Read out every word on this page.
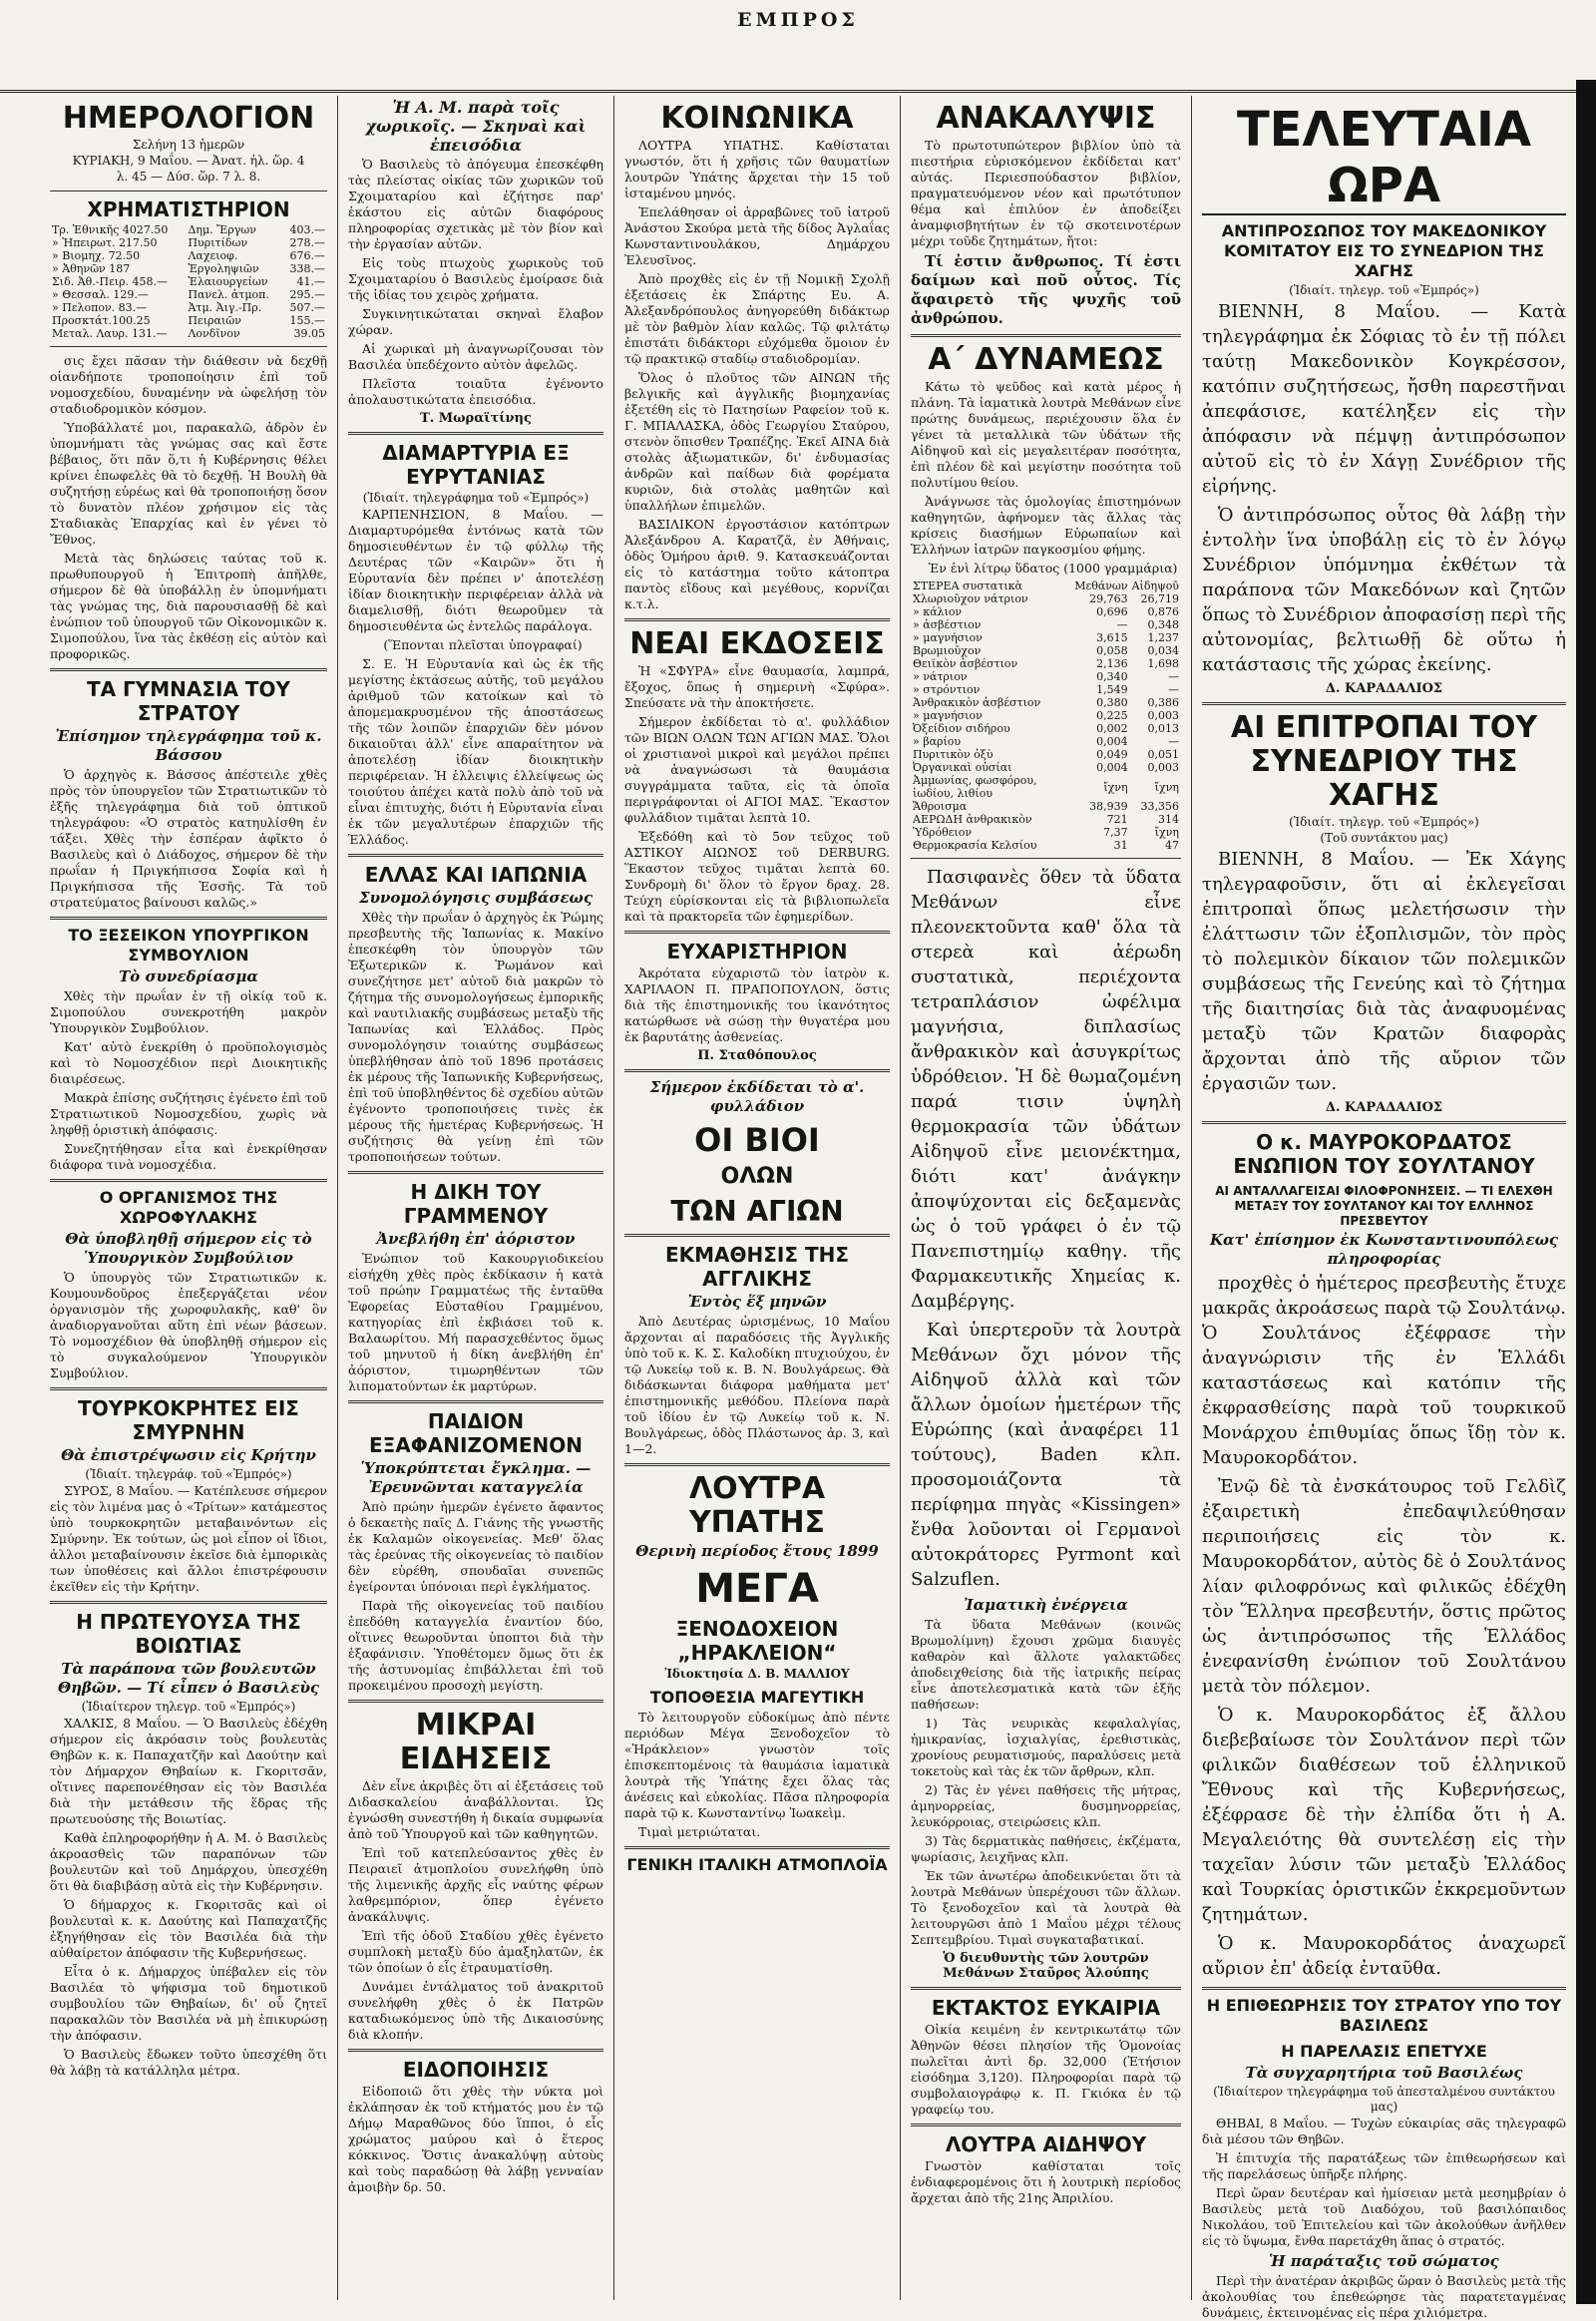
ΕΜΠΡΟΣ
ΗΜΕΡΟΛΟΓΙΟΝ
Σελήνη 13 ἡμερῶν
ΚΥΡΙΑΚΗ, 9 Μαΐου. — Ἀνατ. ἡλ. ὥρ. 4
λ. 45 — Δύσ. ὥρ. 7 λ. 8.
ΧΡΗΜΑΤΙΣΤΗΡΙΟΝ
Τρ. Ἐθνικῆς 4027.50	Δημ. Ἔργων	403.—
» Ἠπειρωτ. 217.50	Πυριτίδων	278.—
» Βιομηχ. 72.50	Λαχειοφ.	676.—
» Ἀθηνῶν 187	Ἐργοληψιῶν	338.—
Σιδ. Ἀθ.-Πειρ. 458.—	Ἐλαιουργείων	41.—
» Θεσσαλ. 129.—	Πανελ. ἀτμοπ.	295.—
» Πελοπον. 83.—	Ἀτμ. Ἀιγ.-Πρ.	507.—
Προσκτάτ.100.25	Πειραιῶν	155.—
Μεταλ. Λαυρ. 131.—	Λονδῖνον	39.05

σις ἔχει πᾶσαν τὴν διάθεσιν νὰ δεχθῇ οἱανδήποτε τροποποίησιν ἐπὶ τοῦ νομοσχεδίου, δυναμένην νὰ ὠφελήσῃ τὸν σταδιοδρομικὸν κόσμον.

Ὑποβάλλατέ μοι, παρακαλῶ, ἀδρὸν ἐν ὑπομνήματι τὰς γνώμας σας καὶ ἔστε βέβαιος, ὅτι πᾶν ὅ,τι ἡ Κυβέρνησις θέλει κρίνει ἐπωφελὲς θὰ τὸ δεχθῇ. Ἡ Βουλὴ θὰ συζητήσῃ εὐρέως καὶ θὰ τροποποιήσῃ ὅσον τὸ δυνατὸν πλέον χρήσιμον εἰς τὰς Σταδιακὰς Ἐπαρχίας καὶ ἐν γένει τὸ Ἔθνος.

Μετὰ τὰς δηλώσεις ταύτας τοῦ κ. πρωθυπουργοῦ ἡ Ἐπιτροπὴ ἀπῆλθε, σήμερον δὲ θὰ ὑποβάλλῃ ἐν ὑπομνήματι τὰς γνώμας της, διὰ παρουσιασθῇ δὲ καὶ ἐνώπιον τοῦ ὑπουργοῦ τῶν Οἰκονομικῶν κ. Σιμοπούλου, ἵνα τὰς ἐκθέσῃ εἰς αὐτὸν καὶ προφορικῶς.

ΤΑ ΓΥΜΝΑΣΙΑ ΤΟΥ ΣΤΡΑΤΟΥ
Ἐπίσημον τηλεγράφημα τοῦ κ. Βάσσου

Ὁ ἀρχηγὸς κ. Βάσσος ἀπέστειλε χθὲς πρὸς τὸν ὑπουργεῖον τῶν Στρατιωτικῶν τὸ ἑξῆς τηλεγράφημα διὰ τοῦ ὀπτικοῦ τηλεγράφου: «Ὁ στρατὸς κατηυλίσθη ἐν τάξει. Χθὲς τὴν ἑσπέραν ἀφῖκτο ὁ Βασιλεὺς καὶ ὁ Διάδοχος, σήμερον δὲ τὴν πρωΐαν ἡ Πριγκήπισσα Σοφία καὶ ἡ Πριγκήπισσα τῆς Ἑσσῆς. Τὰ τοῦ στρατεύματος βαίνουσι καλῶς.»

ΤΟ ΞΕΣΕΙΚΟΝ ΥΠΟΥΡΓΙΚΟΝ ΣΥΜΒΟΥΛΙΟΝ
Τὸ συνεδρίασμα

Χθὲς τὴν πρωΐαν ἐν τῇ οἰκίᾳ τοῦ κ. Σιμοπούλου συνεκροτήθη μακρὸν Ὑπουργικὸν Συμβούλιον.

Κατ' αὐτὸ ἐνεκρίθη ὁ προϋπολογισμὸς καὶ τὸ Νομοσχέδιον περὶ Διοικητικῆς διαιρέσεως.

Μακρὰ ἐπίσης συζήτησις ἐγένετο ἐπὶ τοῦ Στρατιωτικοῦ Νομοσχεδίου, χωρὶς νὰ ληφθῇ ὁριστικὴ ἀπόφασις.

Συνεζητήθησαν εἶτα καὶ ἐνεκρίθησαν διάφορα τινὰ νομοσχέδια.

Ο ΟΡΓΑΝΙΣΜΟΣ ΤΗΣ ΧΩΡΟΦΥΛΑΚΗΣ
Θὰ ὑποβληθῇ σήμερον εἰς τὸ Ὑπουργικὸν Συμβούλιον

Ὁ ὑπουργὸς τῶν Στρατιωτικῶν κ. Κουμουνδοῦρος ἐπεξεργάζεται νέον ὀργανισμὸν τῆς χωροφυλακῆς, καθ' ὃν ἀναδιοργανοῦται αὕτη ἐπὶ νέων βάσεων. Τὸ νομοσχέδιον θὰ ὑποβληθῇ σήμερον εἰς τὸ συγκαλούμενον Ὑπουργικὸν Συμβούλιον.

ΤΟΥΡΚΟΚΡΗΤΕΣ ΕΙΣ ΣΜΥΡΝΗΝ
Θὰ ἐπιστρέψωσιν εἰς Κρήτην
(Ἰδιαίτ. τηλεγράφ. τοῦ «Ἐμπρός»)

ΣΥΡΟΣ, 8 Μαΐου. — Κατέπλευσε σήμερον εἰς τὸν λιμένα μας ὁ «Τρίτων» κατάμεστος ὑπὸ τουρκοκρητῶν μεταβαινόντων εἰς Σμύρνην. Ἐκ τούτων, ὡς μοὶ εἶπον οἱ ἴδιοι, ἀλλοι μεταβαίνουσιν ἐκεῖσε διὰ ἐμπορικὰς των ὑποθέσεις καὶ ἄλλοι ἐπιστρέφουσιν ἐκεῖθεν εἰς τὴν Κρήτην.

Η ΠΡΩΤΕΥΟΥΣΑ ΤΗΣ ΒΟΙΩΤΙΑΣ
Τὰ παράπονα τῶν βουλευτῶν Θηβῶν. — Τί εἶπεν ὁ Βασιλεὺς
(Ἰδιαίτερον τηλεγρ. τοῦ «Ἐμπρός»)

ΧΑΛΚΙΣ, 8 Μαΐου. — Ὁ Βασιλεὺς ἐδέχθη σήμερον εἰς ἀκρόασιν τοὺς βουλευτὰς Θηβῶν κ. κ. Παπαχατζῆν καὶ Δαούτην καὶ τὸν Δήμαρχον Θηβαίων κ. Γκοριτσᾶν, οἵτινες παρεπονέθησαν εἰς τὸν Βασιλέα διὰ τὴν μετάθεσιν τῆς ἕδρας τῆς πρωτευούσης τῆς Βοιωτίας.

Καθὰ ἐπληροφορήθην ἡ Α. Μ. ὁ Βασιλεὺς ἀκροασθεὶς τῶν παραπόνων τῶν βουλευτῶν καὶ τοῦ Δημάρχου, ὑπεσχέθη ὅτι θὰ διαβιβάσῃ αὐτὰ εἰς τὴν Κυβέρνησιν.

Ὁ δήμαρχος κ. Γκοριτσᾶς καὶ οἱ βουλευταὶ κ. κ. Δαούτης καὶ Παπαχατζῆς ἐξηγήθησαν εἰς τὸν Βασιλέα διὰ τὴν αὐθαίρετον ἀπόφασιν τῆς Κυβερνήσεως.

Εἶτα ὁ κ. Δήμαρχος ὑπέβαλεν εἰς τὸν Βασιλέα τὸ ψήφισμα τοῦ δημοτικοῦ συμβουλίου τῶν Θηβαίων, δι' οὗ ζητεῖ παρακαλῶν τὸν Βασιλέα νὰ μὴ ἐπικυρώσῃ τὴν ἀπόφασιν.

Ὁ Βασιλεὺς ἔδωκεν τοῦτο ὑπεσχέθη ὅτι θὰ λάβῃ τὰ κατάλληλα μέτρα.

Ἡ Α. Μ. παρὰ τοῖς χωρικοῖς. — Σκηναὶ καὶ ἐπεισόδια

Ὁ Βασιλεὺς τὸ ἀπόγευμα ἐπεσκέφθη τὰς πλείστας οἰκίας τῶν χωρικῶν τοῦ Σχοιματαρίου καὶ ἐζήτησε παρ' ἑκάστου εἰς αὐτῶν διαφόρους πληροφορίας σχετικὰς μὲ τὸν βίον καὶ τὴν ἐργασίαν αὐτῶν.

Εἰς τοὺς πτωχοὺς χωρικοὺς τοῦ Σχοιματαρίου ὁ Βασιλεὺς ἐμοίρασε διὰ τῆς ἰδίας του χειρὸς χρήματα.

Συγκινητικώταται σκηναὶ ἔλαβον χώραν.

Αἱ χωρικαὶ μὴ ἀναγνωρίζουσαι τὸν Βασιλέα ὑπεδέχοντο αὐτὸν ἀφελῶς.

Πλεῖστα τοιαῦτα ἐγένοντο ἀπολαυστικώτατα ἐπεισόδια.

Τ. Μωραϊτίνης
ΔΙΑΜΑΡΤΥΡΙΑ ΕΞ ΕΥΡΥΤΑΝΙΑΣ
(Ἰδιαίτ. τηλεγράφημα τοῦ «Ἐμπρός»)

ΚΑΡΠΕΝΗΣΙΟΝ, 8 Μαΐου. — Διαμαρτυρόμεθα ἐντόνως κατὰ τῶν δημοσιευθέντων ἐν τῷ φύλλῳ τῆς Δευτέρας τῶν «Καιρῶν» ὅτι ἡ Εὐρυτανία δὲν πρέπει ν' ἀποτελέσῃ ἰδίαν διοικητικὴν περιφέρειαν ἀλλὰ νὰ διαμελισθῇ, διότι θεωροῦμεν τὰ δημοσιευθέντα ὡς ἐντελῶς παράλογα.

(Ἕπονται πλεῖσται ὑπογραφαί)

Σ. Ε. Ἡ Εὐρυτανία καὶ ὡς ἐκ τῆς μεγίστης ἐκτάσεως αὐτῆς, τοῦ μεγάλου ἀριθμοῦ τῶν κατοίκων καὶ τὸ ἀπομεμακρυσμένον τῆς ἀποστάσεως τῆς τῶν λοιπῶν ἐπαρχιῶν δὲν μόνον δικαιοῦται ἀλλ' εἶνε απαραίτητον νὰ ἀποτελέσῃ ἰδίαν διοικητικὴν περιφέρειαν. Ἡ ἑλλειψις ἑλλείψεως ὡς τοιούτου ἀπέχει κατὰ πολὺ ἀπὸ τοῦ νὰ εἶναι ἐπιτυχὴς, διότι ἡ Εὐρυτανία εἶναι ἐκ τῶν μεγαλυτέρων ἐπαρχιῶν τῆς Ἑλλάδος.

ΕΛΛΑΣ ΚΑΙ ΙΑΠΩΝΙΑ
Συνομολόγησις συμβάσεως

Χθὲς τὴν πρωΐαν ὁ ἀρχηγὸς ἐκ Ῥώμης πρεσβευτὴς τῆς Ἰαπωνίας κ. Μακίνο ἐπεσκέφθη τὸν ὑπουργὸν τῶν Ἐξωτερικῶν κ. Ῥωμάνον καὶ συνεζήτησε μετ' αὐτοῦ διὰ μακρῶν τὸ ζήτημα τῆς συνομολογήσεως ἐμπορικῆς καὶ ναυτιλιακῆς συμβάσεως μεταξὺ τῆς Ἰαπωνίας καὶ Ἑλλάδος. Πρὸς συνομολόγησιν τοιαύτης συμβάσεως ὑπεβλήθησαν ἀπὸ τοῦ 1896 προτάσεις ἐκ μέρους τῆς Ἰαπωνικῆς Κυβερνήσεως, ἐπὶ τοῦ ὑποβληθέντος δὲ σχεδίου αὐτῶν ἐγένοντο τροποποιήσεις τινὲς ἐκ μέρους τῆς ἡμετέρας Κυβερνήσεως. Ἡ συζήτησις θὰ γείνῃ ἐπὶ τῶν τροποποιήσεων τούτων.

Η ΔΙΚΗ ΤΟΥ ΓΡΑΜΜΕΝΟΥ
Ἀνεβλήθη ἐπ' ἀόριστον

Ἐνώπιον τοῦ Κακουργιοδικείου εἰσήχθη χθὲς πρὸς ἐκδίκασιν ἡ κατὰ τοῦ πρώην Γραμματέως τῆς ἐνταῦθα Ἐφορείας Εὐσταθίου Γραμμένου, κατηγορίας ἐπὶ ἐκβιάσει τοῦ κ. Βαλαωρίτου. Μή παρασχεθέντος ὅμως τοῦ μηνυτοῦ ἡ δίκη ἀνεβλήθη ἐπ' ἀόριστον, τιμωρηθέντων τῶν λιποματούντων ἑκ μαρτύρων.

ΠΑΙΔΙΟΝ ΕΞΑΦΑΝΙΖΟΜΕΝΟΝ
Ὑποκρύπτεται ἔγκλημα. — Ἐρευνῶνται καταγγελία

Ἀπὸ πρώην ἡμερῶν ἐγένετο ἄφαντος ὁ δεκαετὴς παῖς Δ. Γιάνης τῆς γνωστῆς ἐκ Καλαμῶν οἰκογενείας. Μεθ' ὅλας τὰς ἐρεύνας τῆς οἰκογενείας τὸ παιδίον δὲν εὑρέθη, σπουδαῖαι συνεπῶς ἐγείρονται ὑπόνοιαι περὶ ἐγκλήματος.

Παρὰ τῆς οἰκογενείας τοῦ παιδίου ἐπεδόθη καταγγελία ἐναντίον δύο, οἵτινες θεωροῦνται ὑποπτοι διὰ τὴν ἐξαφάνισιν. Ὑποθέτομεν ὅμως ὅτι ἐκ τῆς ἀστυνομίας ἐπιβάλλεται ἐπὶ τοῦ προκειμένου προσοχὴ μεγίστη.

ΜΙΚΡΑΙ ΕΙΔΗΣΕΙΣ

Δὲν εἶνε ἀκριβὲς ὅτι αἱ ἐξετάσεις τοῦ Διδασκαλείου ἀναβάλλονται. Ὡς ἐγνώσθη συνεστήθη ἡ δικαία συμφωνία ἀπὸ τοῦ Ὑπουργοῦ καὶ τῶν καθηγητῶν.

Ἐπὶ τοῦ κατεπλεύσαντος χθὲς ἐν Πειραιεῖ ἀτμοπλοίου συνελήφθη ὑπὸ τῆς λιμενικῆς ἀρχῆς εἷς ναύτης φέρων λαθρεμπόριον, ὅπερ ἐγένετο ἀνακάλυψις.

Ἐπὶ τῆς ὁδοῦ Σταδίου χθὲς ἐγένετο συμπλοκὴ μεταξὺ δύο ἀμαξηλατῶν, ἐκ τῶν ὁποίων ὁ εἷς ἐτραυματίσθη.

Δυνάμει ἐντάλματος τοῦ ἀνακριτοῦ συνελήφθη χθὲς ὁ ἐκ Πατρῶν καταδιωκόμενος ὑπὸ τῆς Δικαιοσύνης διὰ κλοπήν.

ΕΙΔΟΠΟΙΗΣΙΣ

Εἰδοποιῶ ὅτι χθὲς τὴν νύκτα μοὶ ἐκλάπησαν ἐκ τοῦ κτήματός μου ἐν τῷ Δήμῳ Μαραθῶνος δύο ἵπποι, ὁ εἷς χρώματος μαύρου καὶ ὁ ἕτερος κόκκινος. Ὅστις ἀνακαλύψῃ αὐτοὺς καὶ τοὺς παραδώσῃ θὰ λάβῃ γενναίαν ἀμοιβὴν δρ. 50.

ΚΟΙΝΩΝΙΚΑ

ΛΟΥΤΡΑ ΥΠΑΤΗΣ. Καθίσταται γνωστόν, ὅτι ἡ χρῆσις τῶν θαυματίων λουτρῶν Ὑπάτης ἄρχεται τὴν 15 τοῦ ἰσταμένου μηνός.

Ἐπελάθησαν οἱ ἀρραβῶνες τοῦ ἰατροῦ Ἀνάστου Σκούρα μετὰ τῆς δίδος Ἀγλαΐας Κωνσταντινουλάκου, Δημάρχου Ἐλευσῖνος.

Ἀπὸ προχθὲς εἰς ἐν τῇ Νομικῇ Σχολῇ ἐξετάσεις ἐκ Σπάρτης Ευ. Α. Ἀλεξανδρόπουλος ἀνηγορεύθη διδάκτωρ μὲ τὸν βαθμὸν λίαν καλῶς. Τῷ φιλτάτῳ ἐπιστάτι διδάκτορι εὐχόμεθα ὅμοιον ἐν τῷ πρακτικῷ σταδίῳ σταδιοδρομίαν.

Ὅλος ὁ πλοῦτος τῶν ΑΙΝΩΝ τῆς βελγικῆς καὶ ἀγγλικῆς βιομηχανίας ἐξετέθη εἰς τὸ Πατησίων Ραφείον τοῦ κ. Γ. ΜΠΑΛΑΣΚΑ, ὁδὸς Γεωργίου Σταύρου, στενὸν ὅπισθεν Τραπέζης. Ἐκεῖ ΑΙΝΑ διὰ στολὰς ἀξιωματικῶν, δι' ἐνδυμασίας ἀνδρῶν καὶ παίδων διὰ φορέματα κυριῶν, διὰ στολὰς μαθητῶν καὶ ὑπαλλήλων ἐπιμελῶν.

ΒΑΣΙΛΙΚΟΝ ἐργοστάσιον κατόπτρων Ἀλεξάνδρου Α. Καρατζᾶ, ἐν Ἀθήναις, ὁδὸς Ὁμήρου ἀριθ. 9. Κατασκευάζονται εἰς τὸ κατάστημα τοῦτο κάτοπτρα παντὸς εἴδους καὶ μεγέθους, κορνίζαι κ.τ.λ.

ΝΕΑΙ ΕΚΔΟΣΕΙΣ

Ἡ «ΣΦΥΡΑ» εἶνε θαυμασία, λαμπρά, ἔξοχος, ὅπως ἡ σημερινὴ «Σφύρα». Σπεύσατε νὰ τὴν ἀποκτήσετε.

Σήμερον ἐκδίδεται τὸ α'. φυλλάδιον τῶν ΒΙΩΝ ΟΛΩΝ ΤΩΝ ΑΓΙΩΝ ΜΑΣ. Ὅλοι οἱ χριστιανοὶ μικροὶ καὶ μεγάλοι πρέπει νὰ ἀναγνώσωσι τὰ θαυμάσια συγγράμματα ταῦτα, εἰς τὰ ὁποῖα περιγράφονται οἱ ΑΓΙΟΙ ΜΑΣ. Ἕκαστον φυλλάδιον τιμᾶται λεπτὰ 10.

Ἐξεδόθη καὶ τὸ 5ον τεῦχος τοῦ ΑΣΤΙΚΟΥ ΑΙΩΝΟΣ τοῦ DERBURG. Ἕκαστον τεῦχος τιμᾶται λεπτὰ 60. Συνδρομὴ δι' ὅλον τὸ ἔργον δραχ. 28. Τεύχη εὑρίσκονται εἰς τὰ βιβλιοπωλεῖα καὶ τὰ πρακτορεῖα τῶν ἐφημερίδων.

ΕΥΧΑΡΙΣΤΗΡΙΟΝ

Ἀκρότατα εὐχαριστῶ τὸν ἰατρὸν κ. ΧΑΡΙΛΑΟΝ Π. ΠΡΑΠΟΠΟΥΛΟΝ, ὅστις διὰ τῆς ἐπιστημονικῆς του ἰκανότητος κατώρθωσε νὰ σώσῃ τὴν θυγατέρα μου ἐκ βαρυτάτης ἀσθενείας.

Π. Σταθόπουλος
Σήμερον ἐκδίδεται τὸ α'. φυλλάδιον
ΟΙ ΒΙΟΙ
ΟΛΩΝ
ΤΩΝ ΑΓΙΩΝ
ΕΚΜΑΘΗΣΙΣ ΤΗΣ ΑΓΓΛΙΚΗΣ
Ἐντὸς ἕξ μηνῶν

Ἀπὸ Δευτέρας ὡρισμένως, 10 Μαΐου ἄρχονται αἱ παραδόσεις τῆς Ἀγγλικῆς ὑπὸ τοῦ κ. Κ. Σ. Καλοδίκη πτυχιούχου, ἐν τῷ Λυκείῳ τοῦ κ. Β. Ν. Βουλγάρεως. Θὰ διδάσκωνται διάφορα μαθήματα μετ' ἐπιστημονικῆς μεθόδου. Πλείονα παρὰ τοῦ ἰδίου ἐν τῷ Λυκείῳ τοῦ κ. Ν. Βουλγάρεως, ὁδὸς Πλάστωνος ἀρ. 3, καὶ 1—2.

ΛΟΥΤΡΑ ΥΠΑΤΗΣ
Θερινὴ περίοδος ἔτους 1899
ΜΕΓΑ
ΞΕΝΟΔΟΧΕΙΟΝ „ΗΡΑΚΛΕΙΟΝ“
Ἰδιοκτησία Δ. Β. ΜΑΛΛΙΟΥ
ΤΟΠΟΘΕΣΙΑ ΜΑΓΕΥΤΙΚΗ

Τὸ λειτουργοῦν εὐδοκίμως ἀπὸ πέντε περιόδων Μέγα Ξενοδοχεῖον τὸ «Ἡράκλειον» γνωστὸν τοῖς ἐπισκεπτομένοις τὰ θαυμάσια ἰαματικὰ λουτρὰ τῆς Ὑπάτης ἔχει ὅλας τὰς ἀνέσεις καὶ εὐκολίας. Πᾶσα πληροφορία παρὰ τῷ κ. Κωνσταντίνῳ Ἰωακεὶμ.

Τιμαὶ μετριώταται.

ΓΕΝΙΚΗ ΙΤΑΛΙΚΗ ΑΤΜΟΠΛΟΪΑ
ΑΝΑΚΑΛΥΨΙΣ

Τὸ πρωτοτυπώτερον βιβλίον ὑπὸ τὰ πιεστήρια εὐρισκόμενον ἐκδίδεται κατ' αὐτάς. Περιεσπούδαστον βιβλίον, πραγματευόμενον νέον καὶ πρωτότυπον θέμα καὶ ἐπιλύον ἐν ἀποδείξει ἀναμφισβητήτων ἐν τῷ σκοτεινοτέρων μέχρι τοῦδε ζητημάτων, ἤτοι:

Τί ἐστιν ἄνθρωπος. Τί ἐστι δαίμων καὶ ποῦ οὗτος. Τίς ἄφαιρετὸ τῆς ψυχῆς τοῦ ἀνθρώπου.

Α΄ ΔΥΝΑΜΕΩΣ

Κάτω τὸ ψεῦδος καὶ κατὰ μέρος ἡ πλάνη. Τὰ ἰαματικὰ λουτρὰ Μεθάνων εἶνε πρώτης δυνάμεως, περιέχουσιν ὅλα ἐν γένει τὰ μεταλλικὰ τῶν ὑδάτων τῆς Αἰδηψοῦ καὶ εἰς μεγαλειτέραν ποσότητα, ἐπὶ πλέον δὲ καὶ μεγίστην ποσότητα τοῦ πολυτίμου θείου.

Ἀνάγνωσε τὰς ὁμολογίας ἐπιστημόνων καθηγητῶν, ἀφήνομεν τὰς ἄλλας τὰς κρίσεις διασήμων Εὐρωπαίων καὶ Ἑλλήνων ἰατρῶν παγκοσμίου φήμης.

Ἐν ἑνὶ λίτρῳ ὕδατος (1000 γραμμάρια)

ΣΤΕΡΕΑ συστατικὰ	Μεθάνων	Αἰδηψοῦ
Χλωριοῦχον νάτριον	29,763	26,719
» κάλιον	0,696	0,876
» ἀσβέστιον	—	0,348
» μαγνήσιον	3,615	1,237
Βρωμιοῦχον	0,058	0,034
Θειϊκὸν ἀσβέστιον	2,136	1,698
» νάτριον	0,340	—
» στρόντιον	1,549	—
Ἀνθρακικὸν ἀσβέστιον	0,380	0,386
» μαγνήσιον	0,225	0,003
Ὀξείδιον σιδήρου	0,002	0,013
» βαρίου	0,004	—
Πυριτικὸν ὀξὺ	0,049	0,051
Ὀργανικαὶ οὐσίαι	0,004	0,003
Ἀμμωνίας, φωσφόρου, ἰωδίου, λιθίου	ἴχνη	ἴχνη
Ἄθροισμα	38,939	33,356
ΑΕΡΩΔΗ ἀνθρακικὸν	721	314
Ὑδρόθειον	7,37	ἴχνη
Θερμοκρασία Κελσίου	31	47

Πασιφανὲς ὅθεν τὰ ὕδατα Μεθάνων εἶνε πλεονεκτοῦντα καθ' ὅλα τὰ στερεὰ καὶ ἀέρωδη συστατικὰ, περιέχοντα τετραπλάσιον ὠφέλιμα μαγνήσια, διπλασίως ἄνθρακικὸν καὶ ἀσυγκρίτως ὑδρόθειον. Ἡ δὲ θωμαζομένη παρά τισιν ὑψηλὴ θερμοκρασία τῶν ὑδάτων Αἰδηψοῦ εἶνε μειονέκτημα, διότι κατ' ἀνάγκην ἀποψύχονται εἰς δεξαμενὰς ὡς ὁ τοῦ γράφει ὁ ἐν τῷ Πανεπιστημίῳ καθηγ. τῆς Φαρμακευτικῆς Χημείας κ. Δαμβέργης.

Καὶ ὑπερτεροῦν τὰ λουτρὰ Μεθάνων ὄχι μόνον τῆς Αἰδηψοῦ ἀλλὰ καὶ τῶν ἄλλων ὁμοίων ἡμετέρων τῆς Εὐρώπης (καὶ ἀναφέρει 11 τούτους), Baden κλπ. προσομοιάζοντα τὰ περίφημα πηγὰς «Kissingen» ἔνθα λοῦονται οἱ Γερμανοὶ αὐτοκράτορες Pyrmont καὶ Salzuflen.

Ἰαματικὴ ἐνέργεια

Τὰ ὕδατα Μεθάνων (κοινῶς Βρωμολίμνη) ἔχουσι χρῶμα διαυγὲς καθαρὸν καὶ ἄλλοτε γαλακτῶδες ἀποδειχθείσης διὰ τῆς ἰατρικῆς πείρας εἶνε ἀποτελεσματικὰ κατὰ τῶν ἑξῆς παθήσεων:

1) Τὰς νευρικὰς κεφαλαλγίας, ἡμικρανίας, ἰσχιαλγίας, ἐρεθιστικὰς, χρονίους ρευματισμούς, παραλύσεις μετὰ τοκετοὺς καὶ τὰς ἐκ τῶν ἄρθρων, κλπ.

2) Τὰς ἐν γένει παθήσεις τῆς μήτρας, ἀμηνορρείας, δυσμηνορρείας, λευκόρροιας, στειρώσεις κλπ.

3) Τὰς δερματικὰς παθήσεις, ἐκζέματα, ψωρίασις, λειχῆνας κλπ.

Ἐκ τῶν ἀνωτέρω ἀποδεικνύεται ὅτι τὰ λουτρὰ Μεθάνων ὑπερέχουσι τῶν ἄλλων. Τὸ ξενοδοχεῖον καὶ τὰ λουτρὰ θὰ λειτουργῶσι ἀπὸ 1 Μαΐου μέχρι τέλους Σεπτεμβρίου. Τιμαὶ συγκαταβατικαί.

Ὁ διευθυντὴς τῶν λουτρῶν Μεθάνων Σταῦρος Ἀλούπης
ΕΚΤΑΚΤΟΣ ΕΥΚΑΙΡΙΑ

Οἰκία κειμένη ἐν κεντρικωτάτῳ τῶν Ἀθηνῶν θέσει πλησίον τῆς Ὁμονοίας πωλεῖται ἀντὶ δρ. 32,000 (Ἐτήσιον εἰσόδημα 3,120). Πληροφορίαι παρὰ τῷ συμβολαιογράφῳ κ. Π. Γκιόκα ἐν τῷ γραφείῳ του.

ΛΟΥΤΡΑ ΑΙΔΗΨΟΥ

Γνωστὸν καθίσταται τοῖς ἐνδιαφερομένοις ὅτι ἡ λουτρικὴ περίοδος ἄρχεται ἀπὸ τῆς 21ης Ἀπριλίου.

ΤΕΛΕΥΤΑΙΑ ΩΡΑ
ΑΝΤΙΠΡΟΣΩΠΟΣ ΤΟΥ ΜΑΚΕΔΟΝΙΚΟΥ ΚΟΜΙΤΑΤΟΥ ΕΙΣ ΤΟ ΣΥΝΕΔΡΙΟΝ ΤΗΣ ΧΑΓΗΣ
(Ἰδιαίτ. τηλεγρ. τοῦ «Ἐμπρός»)

ΒΙΕΝΝΗ, 8 Μαΐου. — Κατὰ τηλεγράφημα ἐκ Σόφιας τὸ ἐν τῇ πόλει ταύτῃ Μακεδονικὸν Κογκρέσσον, κατόπιν συζητήσεως, ἤσθη παρεστῆναι ἀπεφάσισε, κατέληξεν εἰς τὴν ἀπόφασιν νὰ πέμψῃ ἀντιπρόσωπον αὐτοῦ εἰς τὸ ἐν Χάγῃ Συνέδριον τῆς εἰρήνης.

Ὁ ἀντιπρόσωπος οὗτος θὰ λάβῃ τὴν ἐντολὴν ἵνα ὑποβάλῃ εἰς τὸ ἐν λόγῳ Συνέδριον ὑπόμνημα ἐκθέτων τὰ παράπονα τῶν Μακεδόνων καὶ ζητῶν ὅπως τὸ Συνέδριον ἀποφασίσῃ περὶ τῆς αὐτονομίας, βελτιωθῇ δὲ οὕτω ἡ κατάστασις τῆς χώρας ἐκείνης.

Δ. ΚΑΡΑΔΑΛΙΟΣ
ΑΙ ΕΠΙΤΡΟΠΑΙ ΤΟΥ ΣΥΝΕΔΡΙΟΥ ΤΗΣ ΧΑΓΗΣ
(Ἰδιαίτ. τηλεγρ. τοῦ «Ἐμπρός»)
(Τοῦ συντάκτου μας)

ΒΙΕΝΝΗ, 8 Μαΐου. — Ἐκ Χάγης τηλεγραφοῦσιν, ὅτι αἱ ἐκλεγεῖσαι ἐπιτροπαὶ ὅπως μελετήσωσιν τὴν ἐλάττωσιν τῶν ἐξοπλισμῶν, τὸν πρὸς τὸ πολεμικὸν δίκαιον τῶν πολεμικῶν συμβάσεως τῆς Γενεύης καὶ τὸ ζήτημα τῆς διαιτησίας διὰ τὰς ἀναφυομένας μεταξὺ τῶν Κρατῶν διαφορὰς ἄρχονται ἀπὸ τῆς αὔριον τῶν ἐργασιῶν των.

Δ. ΚΑΡΑΔΑΛΙΟΣ
Ο κ. ΜΑΥΡΟΚΟΡΔΑΤΟΣ ΕΝΩΠΙΟΝ ΤΟΥ ΣΟΥΛΤΑΝΟΥ
ΑΙ ΑΝΤΑΛΛΑΓΕΙΣΑΙ ΦΙΛΟΦΡΟΝΗΣΕΙΣ. — ΤΙ ΕΛΕΧΘΗ ΜΕΤΑΞΥ ΤΟΥ ΣΟΥΛΤΑΝΟΥ ΚΑΙ ΤΟΥ ΕΛΛΗΝΟΣ ΠΡΕΣΒΕΥΤΟΥ
Κατ' ἐπίσημον ἐκ Κωνσταντινουπόλεως πληροφορίας

προχθὲς ὁ ἡμέτερος πρεσβευτὴς ἔτυχε μακρᾶς ἀκροάσεως παρὰ τῷ Σουλτάνῳ. Ὁ Σουλτάνος ἐξέφρασε τὴν ἀναγνώρισιν τῆς ἐν Ἑλλάδι καταστάσεως καὶ κατόπιν τῆς ἐκφρασθείσης παρὰ τοῦ τουρκικοῦ Μονάρχου ἐπιθυμίας ὅπως ἴδῃ τὸν κ. Μαυροκορδάτον.

Ἐνῷ δὲ τὰ ἐνσκάτουρος τοῦ Γελδὶζ ἐξαιρετικὴ ἐπεδαψιλεύθησαν περιποιήσεις εἰς τὸν κ. Μαυροκορδάτον, αὐτὸς δὲ ὁ Σουλτάνος λίαν φιλοφρόνως καὶ φιλικῶς ἐδέχθη τὸν Ἕλληνα πρεσβευτήν, ὅστις πρῶτος ὡς ἀντιπρόσωπος τῆς Ἑλλάδος ἐνεφανίσθη ἐνώπιον τοῦ Σουλτάνου μετὰ τὸν πόλεμον.

Ὁ κ. Μαυροκορδάτος ἐξ ἄλλου διεβεβαίωσε τὸν Σουλτάνον περὶ τῶν φιλικῶν διαθέσεων τοῦ ἑλληνικοῦ Ἔθνους καὶ τῆς Κυβερνήσεως, ἐξέφρασε δὲ τὴν ἐλπίδα ὅτι ἡ Α. Μεγαλειότης θὰ συντελέσῃ εἰς τὴν ταχεῖαν λύσιν τῶν μεταξὺ Ἑλλάδος καὶ Τουρκίας ὁριστικῶν ἐκκρεμοῦντων ζητημάτων.

Ὁ κ. Μαυροκορδάτος ἀναχωρεῖ αὔριον ἐπ' ἀδείᾳ ἐνταῦθα.

Η ΕΠΙΘΕΩΡΗΣΙΣ ΤΟΥ ΣΤΡΑΤΟΥ ΥΠΟ ΤΟΥ ΒΑΣΙΛΕΩΣ
Η ΠΑΡΕΛΑΣΙΣ ΕΠΕΤΥΧΕ
Τὰ συγχαρητήρια τοῦ Βασιλέως
(Ἰδιαίτερον τηλεγράφημα τοῦ ἀπεσταλμένου συντάκτου μας)

ΘΗΒΑΙ, 8 Μαΐου. — Τυχὼν εὐκαιρίας σᾶς τηλεγραφῶ διὰ μέσου τῶν Θηβῶν.

Ἡ ἐπιτυχία τῆς παρατάξεως τῶν ἐπιθεωρήσεων καὶ τῆς παρελάσεως ὑπῆρξε πλήρης.

Περὶ ὥραν δευτέραν καὶ ἡμίσειαν μετὰ μεσημβρίαν ὁ Βασιλεὺς μετὰ τοῦ Διαδόχου, τοῦ βασιλόπαιδος Νικολάου, τοῦ Ἐπιτελείου καὶ τῶν ἀκολούθων ἀνῆλθεν εἰς τὸ ὕψωμα, ἔνθα παρετάχθη ἅπας ὁ στρατός.

Ἡ παράταξις τοῦ σώματος

Περὶ τὴν ἀνατέραν ἀκριβῶς ὥραν ὁ Βασιλεὺς μετὰ τῆς ἀκολουθίας του ἐπεθεώρησε τὰς παρατεταγμένας δυνάμεις, ἐκτεινομένας εἰς πέρα χιλιόμετρα.
